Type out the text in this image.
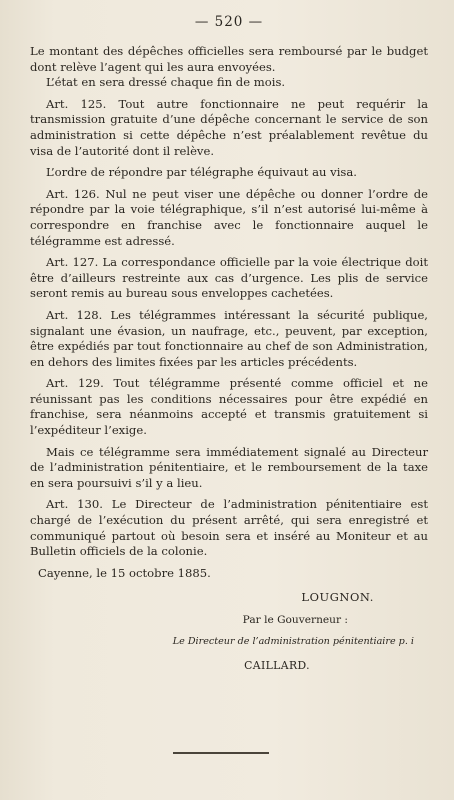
— 520 —

Le montant des dépêches officielles sera remboursé par le budget dont relève l’agent qui les aura envoyées.

L’état en sera dressé chaque fin de mois.

Art. 125. Tout autre fonctionnaire ne peut requérir la transmission gratuite d’une dépêche concernant le service de son administration si cette dépêche n’est préalablement revêtue du visa de l’autorité dont il relève.

L’ordre de répondre par télégraphe équivaut au visa.

Art. 126. Nul ne peut viser une dépêche ou donner l’ordre de répondre par la voie télégraphique, s’il n’est autorisé lui-même à correspondre en franchise avec le fonctionnaire auquel le télégramme est adressé.

Art. 127. La correspondance officielle par la voie électrique doit être d’ailleurs restreinte aux cas d’urgence. Les plis de service seront remis au bureau sous enveloppes cachetées.

Art. 128. Les télégrammes intéressant la sécurité publique, signalant une évasion, un naufrage, etc., peuvent, par exception, être expédiés par tout fonctionnaire au chef de son Administration, en dehors des limites fixées par les articles précédents.

Art. 129. Tout télégramme présenté comme officiel et ne réunissant pas les conditions nécessaires pour être expédié en franchise, sera néanmoins accepté et transmis gratuitement si l’expéditeur l’exige.

Mais ce télégramme sera immédiatement signalé au Directeur de l’administration pénitentiaire, et le remboursement de la taxe en sera poursuivi s’il y a lieu.

Art. 130. Le Directeur de l’administration pénitentiaire est chargé de l’exécution du présent arrêté, qui sera enregistré et communiqué partout où besoin sera et inséré au Moniteur et au Bulletin officiels de la colonie.

Cayenne, le 15 octobre 1885.
LOUGNON.
Par le Gouverneur :
Le Directeur de l’administration pénitentiaire p. i
CAILLARD.
